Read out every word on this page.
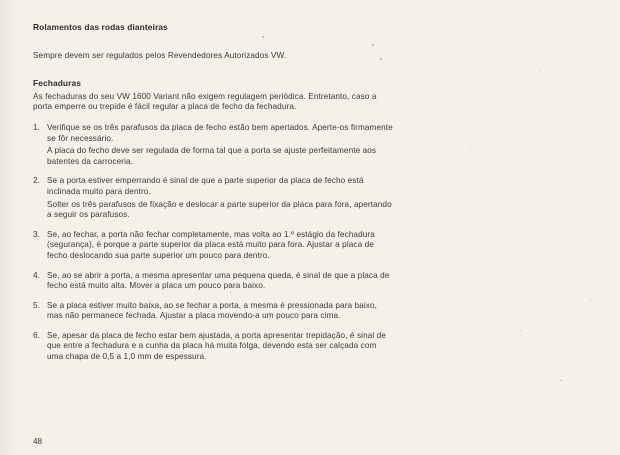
Rolamentos das rodas dianteiras

Sempre devem ser regulados pelos Revendedores Autorizados VW.

Fechaduras

As fechaduras do seu VW 1600 Variant não exigem regulagem periódica. Entretanto, caso a porta emperre ou trepide é fácil regular a placa de fecho da fechadura.

1. Verifique se os três parafusos da placa de fecho estão bem apertados. Aperte-os firmamente se fôr necessário.

A placa do fecho deve ser regulada de forma tal que a porta se ajuste perfeitamente aos batentes da carroceria.

2. Se a porta estiver emperrando é sinal de que a parte superior da placa de fecho está inclinada muito para dentro.

Solter os três parafusos de fixação e deslocar a parte superior da placa para fora, apertando a seguir os parafusos.

3. Se, ao fechar, a porta não fechar completamente, mas volta ao 1.º estágio da fechadura (segurança), é porque a parte superior da placa está muito para fora. Ajustar a placa de fecho deslocando sua parte superior um pouco para dentro.

4. Se, ao se abrir a porta, a mesma apresentar uma pequena queda, é sinal de que a placa de fecho está muito alta. Mover a placa um pouco para baixo.

5. Se a placa estiver muito baixa, ao se fechar a porta, a mesma é pressionada para baixo, mas não permanece fechada. Ajustar a placa movendo-a um pouco para cima.

6. Se, apesar da placa de fecho estar bem ajustada, a porta apresentar trepidação, é sinal de que entre a fechadura e a cunha da placa há muita folga, devendo esta ser calçada com uma chapa de 0,5 a 1,0 mm de espessura.

48
